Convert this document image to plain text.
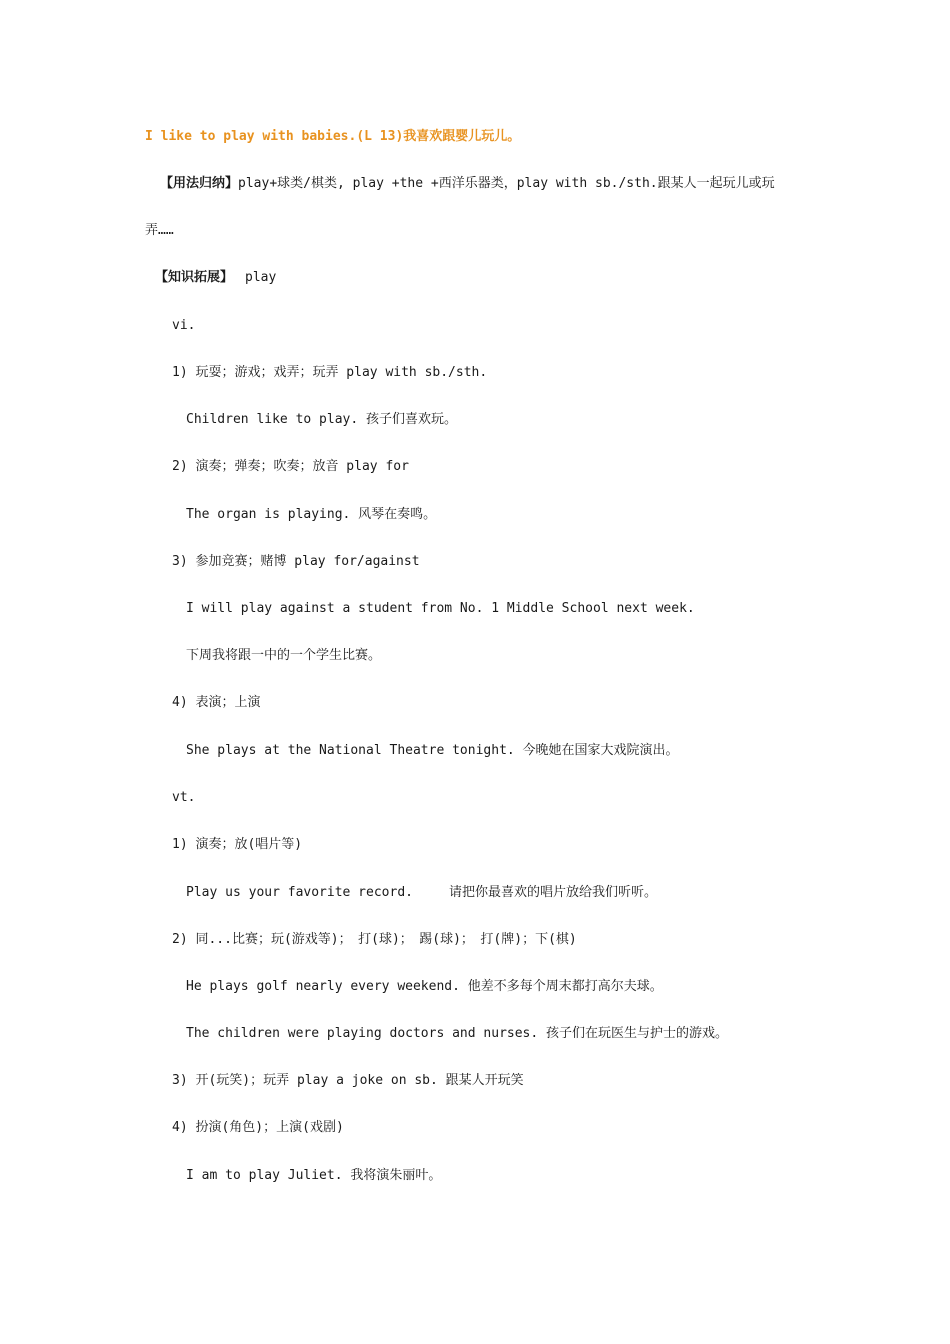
I like to play with babies.(L 13)我喜欢跟婴儿玩儿。
【用法归纳】play+球类/棋类, play +the +西洋乐器类，play with sb./sth.跟某人一起玩儿或玩
弄……
【知识拓展】 play
vi.
1) 玩耍；游戏；戏弄；玩弄 play with sb./sth.
Children like to play. 孩子们喜欢玩。
2) 演奏；弹奏；吹奏；放音 play for
The organ is playing. 风琴在奏鸣。
3) 参加竞赛；赌博 play for/against
I will play against a student from No. 1 Middle School next week.
下周我将跟一中的一个学生比赛。
4) 表演；上演
She plays at the National Theatre tonight. 今晚她在国家大戏院演出。
vt.
1) 演奏；放(唱片等)
Play us your favorite record.	请把你最喜欢的唱片放给我们听听。
2) 同...比赛；玩(游戏等)；　打(球)；　踢(球)；　打(牌)；下(棋)
He plays golf nearly every weekend. 他差不多每个周末都打高尔夫球。
The children were playing doctors and nurses. 孩子们在玩医生与护士的游戏。
3) 开(玩笑)；玩弄 play a joke on sb. 跟某人开玩笑
4) 扮演(角色)；上演(戏剧)
I am to play Juliet. 我将演朱丽叶。
